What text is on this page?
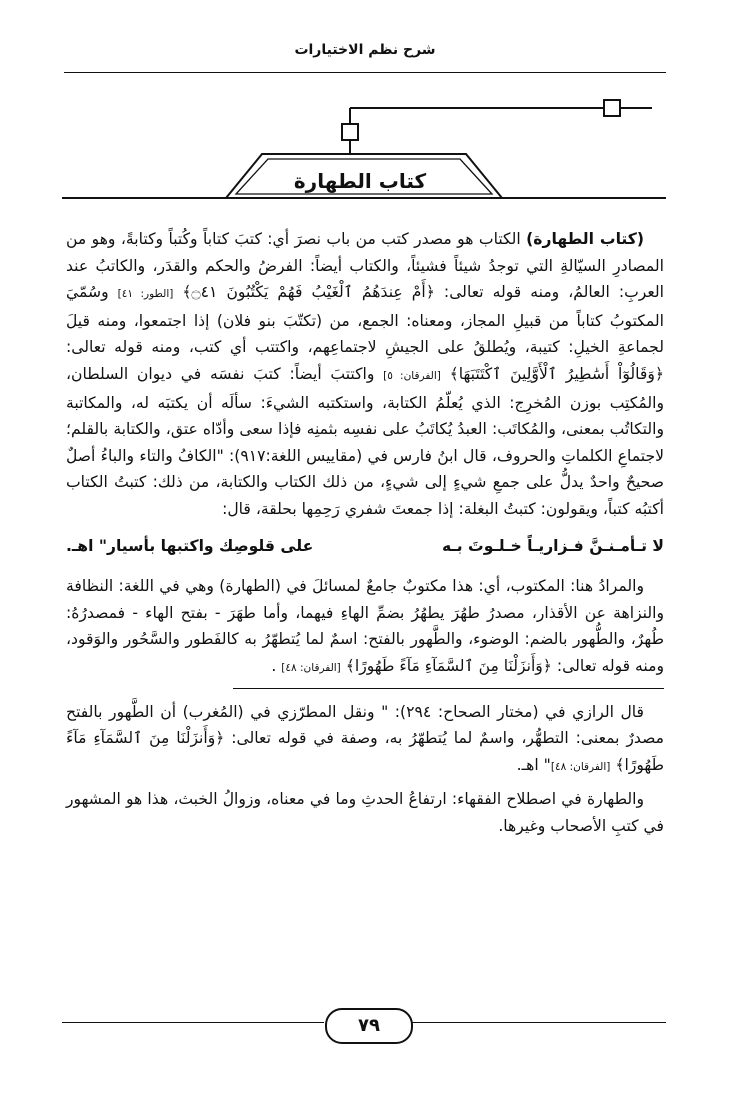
شرح نظم الاختيارات
كتاب الطهارة

(كتاب الطهارة) الكتاب هو مصدر كتب من باب نصرَ أي: كتبَ كتاباً وكُتباً وكتابةً، وهو من المصادرِ السيّالةِ التي توجدُ شيئاً فشيئاً، والكتاب أيضاً: الفرضُ والحكم والقدَر، والكاتبُ عند العربِ: العالمُ، ومنه قوله تعالى: ﴿أَمْ عِندَهُمُ ٱلْغَيْبُ فَهُمْ يَكْتُبُونَ ۝٤١﴾ [الطور: ٤١] وسُمّيَ المكتوبُ كتاباً من قبيلِ المجاز، ومعناه: الجمع، من (تكتّبَ بنو فلان) إذا اجتمعوا، ومنه قيلَ لجماعةِ الخيلِ: كتيبة، ويُطلقُ على الجيشِ لاجتماعِهم، واكتتب أي كتب، ومنه قوله تعالى: ﴿وَقَالُوٓاْ أَسَٰطِيرُ ٱلْأَوَّلِينَ ٱكْتَتَبَهَا﴾ [الفرقان: ٥] واكتتبَ أيضاً: كتبَ نفسَه في ديوان السلطان، والمُكتِب بوزن المُخرِج: الذي يُعلّمُ الكتابة، واستكتبه الشيءَ: سألَه أن يكتبَه له، والمكاتبة والتكاتُب بمعنى، والمُكاتَب: العبدُ يُكاتَبُ على نفسِه بثمنِه فإذا سعى وأدّاه عتق، والكتابة بالقلم؛ لاجتماعِ الكلماتِ والحروف، قال ابنُ فارس في (مقاييس اللغة:٩١٧): "الكافُ والتاء والباءُ أصلٌ صحيحٌ واحدٌ يدلُّ على جمعِ شيءٍ إلى شيءٍ، من ذلك الكتاب والكتابة، من ذلك: كتبتُ الكتاب أكتبُه كتباً، ويقولون: كتبتُ البغلة: إذا جمعتَ شفري رَحِمِها بحلقة، قال:

لا تـأمـنـنَّ فـزاريـاً خـلـوتَ بـه
على قلوصِك واكتبها بأسيار" اهـ.

والمرادُ هنا: المكتوب، أي: هذا مكتوبٌ جامعٌ لمسائلَ في (الطهارة) وهي في اللغة: النظافة والنزاهة عن الأقذار، مصدرُ طهُرَ يطهُرُ بضمِّ الهاءِ فيهما، وأما طهَرَ - بفتح الهاء - فمصدرُهُ: طُهرٌ، والطُّهور بالضم: الوضوء، والطَّهور بالفتح: اسمٌ لما يُتطهّرُ به كالفَطور والسَّحُور والوَقود، ومنه قوله تعالى: ﴿وَأَنزَلْنَا مِنَ ٱلسَّمَآءِ مَآءً طَهُورًا﴾ [الفرقان: ٤٨] .

قال الرازي في (مختار الصحاح: ٢٩٤): " ونقل المطرّزي في (المُغرب) أن الطَّهور بالفتح مصدرٌ بمعنى: التطهُّر، واسمٌ لما يُتطهّرُ به، وصفة في قوله تعالى: ﴿وَأَنزَلْنَا مِنَ ٱلسَّمَآءِ مَآءً طَهُورًا﴾ [الفرقان: ٤٨]" اهـ.

والطهارة في اصطلاح الفقهاء: ارتفاعُ الحدثِ وما في معناه، وزوالُ الخبث، هذا هو المشهور في كتبِ الأصحاب وغيرها.

٧٩
